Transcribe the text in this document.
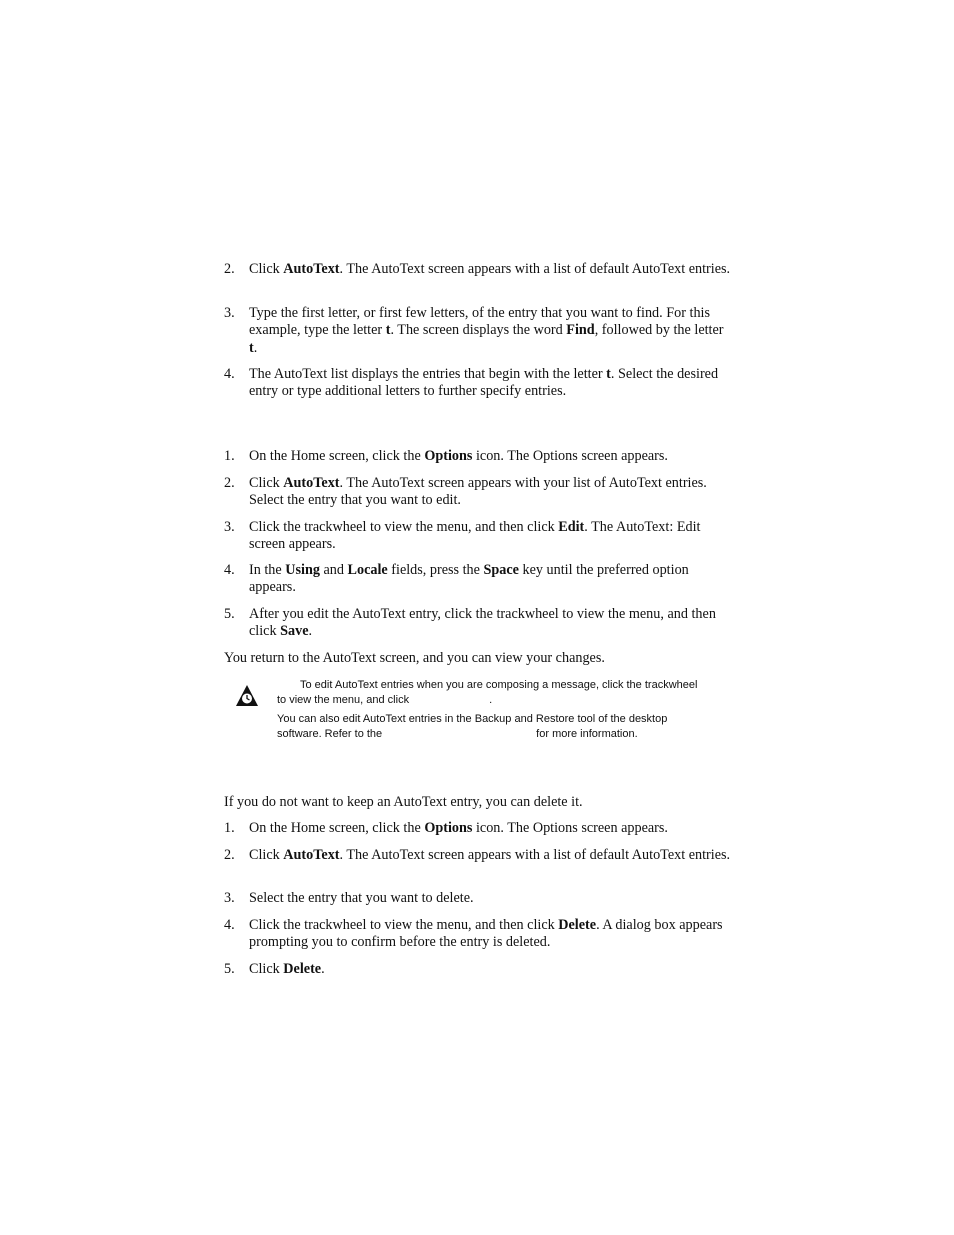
2. Click AutoText. The AutoText screen appears with a list of default AutoText entries.
3. Type the first letter, or first few letters, of the entry that you want to find. For this example, type the letter t. The screen displays the word Find, followed by the letter t.
4. The AutoText list displays the entries that begin with the letter t. Select the desired entry or type additional letters to further specify entries.
1. On the Home screen, click the Options icon. The Options screen appears.
2. Click AutoText. The AutoText screen appears with your list of AutoText entries. Select the entry that you want to edit.
3. Click the trackwheel to view the menu, and then click Edit. The AutoText: Edit screen appears.
4. In the Using and Locale fields, press the Space key until the preferred option appears.
5. After you edit the AutoText entry, click the trackwheel to view the menu, and then click Save.
You return to the AutoText screen, and you can view your changes.
To edit AutoText entries when you are composing a message, click the trackwheel
to view the menu, and click	.
You can also edit AutoText entries in the Backup and Restore tool of the desktop
software. Refer to the	for more information.
If you do not want to keep an AutoText entry, you can delete it.
1. On the Home screen, click the Options icon. The Options screen appears.
2. Click AutoText. The AutoText screen appears with a list of default AutoText entries.
3. Select the entry that you want to delete.
4. Click the trackwheel to view the menu, and then click Delete. A dialog box appears prompting you to confirm before the entry is deleted.
5. Click Delete.
